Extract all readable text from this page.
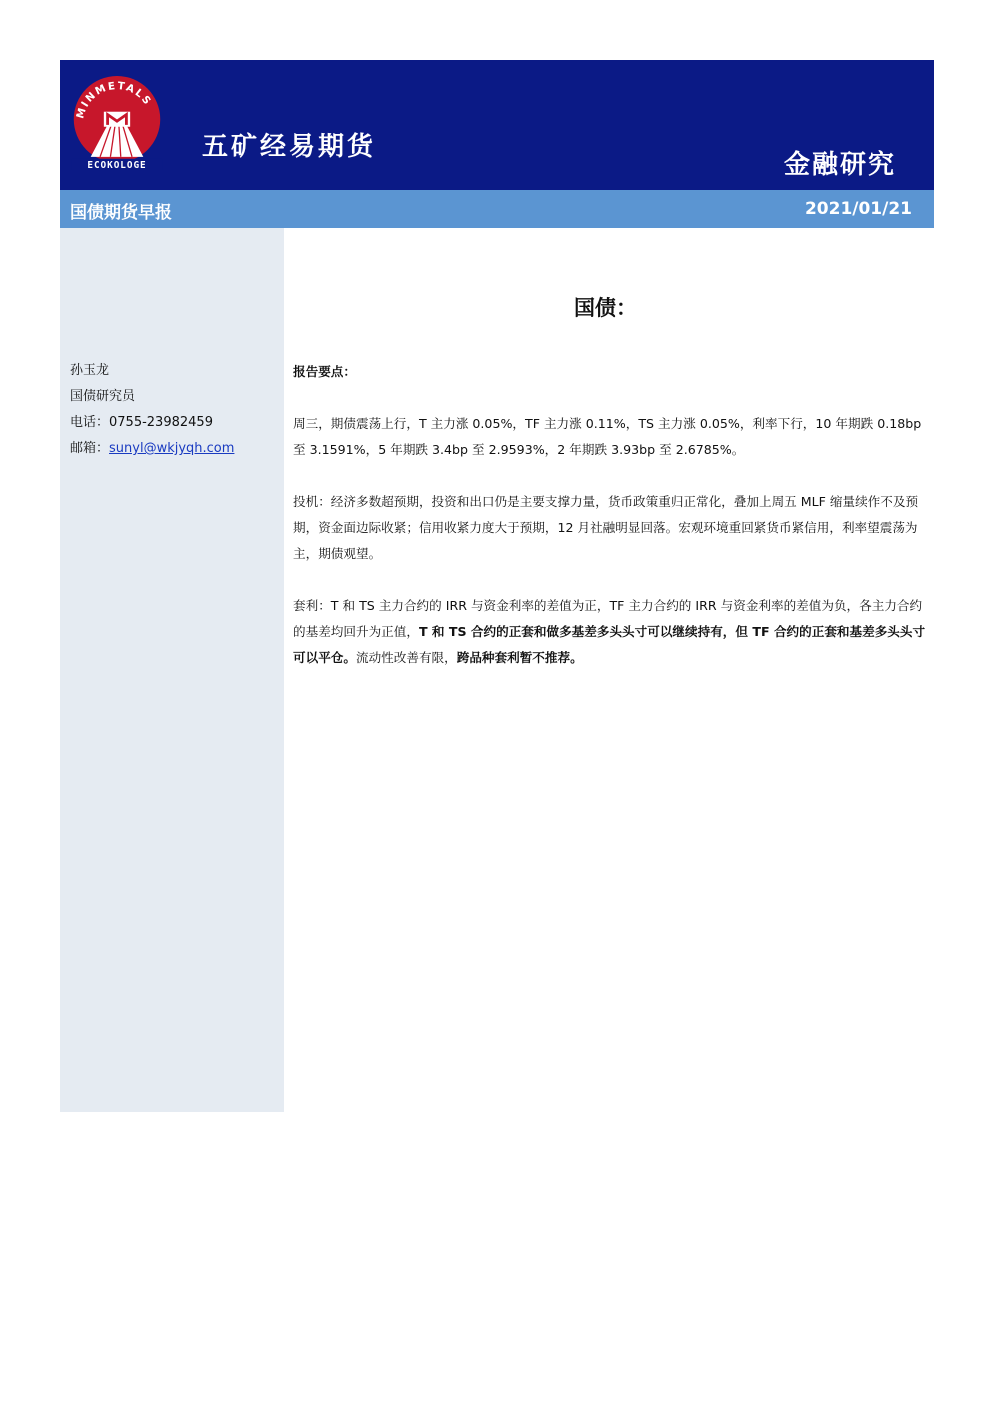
MINMETALS
ECOKOLOGE
五矿经易期货
金融研究
国债期货早报	2021/01/21
孙玉龙
国债研究员
电话：0755-23982459
邮箱：sunyl@wkjyqh.com
国债：

报告要点：

周三，期债震荡上行，T 主力涨 0.05%，TF 主力涨 0.11%，TS 主力涨 0.05%，利率下行，10 年期跌 0.18bp 至 3.1591%，5 年期跌 3.4bp 至 2.9593%，2 年期跌 3.93bp 至 2.6785%。

投机：经济多数超预期，投资和出口仍是主要支撑力量，货币政策重归正常化，叠加上周五 MLF 缩量续作不及预期，资金面边际收紧；信用收紧力度大于预期，12 月社融明显回落。宏观环境重回紧货币紧信用，利率望震荡为主，期债观望。

套利：T 和 TS 主力合约的 IRR 与资金利率的差值为正，TF 主力合约的 IRR 与资金利率的差值为负，各主力合约的基差均回升为正值，T 和 TS 合约的正套和做多基差多头头寸可以继续持有，但 TF 合约的正套和基差多头头寸可以平仓。流动性改善有限，跨品种套利暂不推荐。
